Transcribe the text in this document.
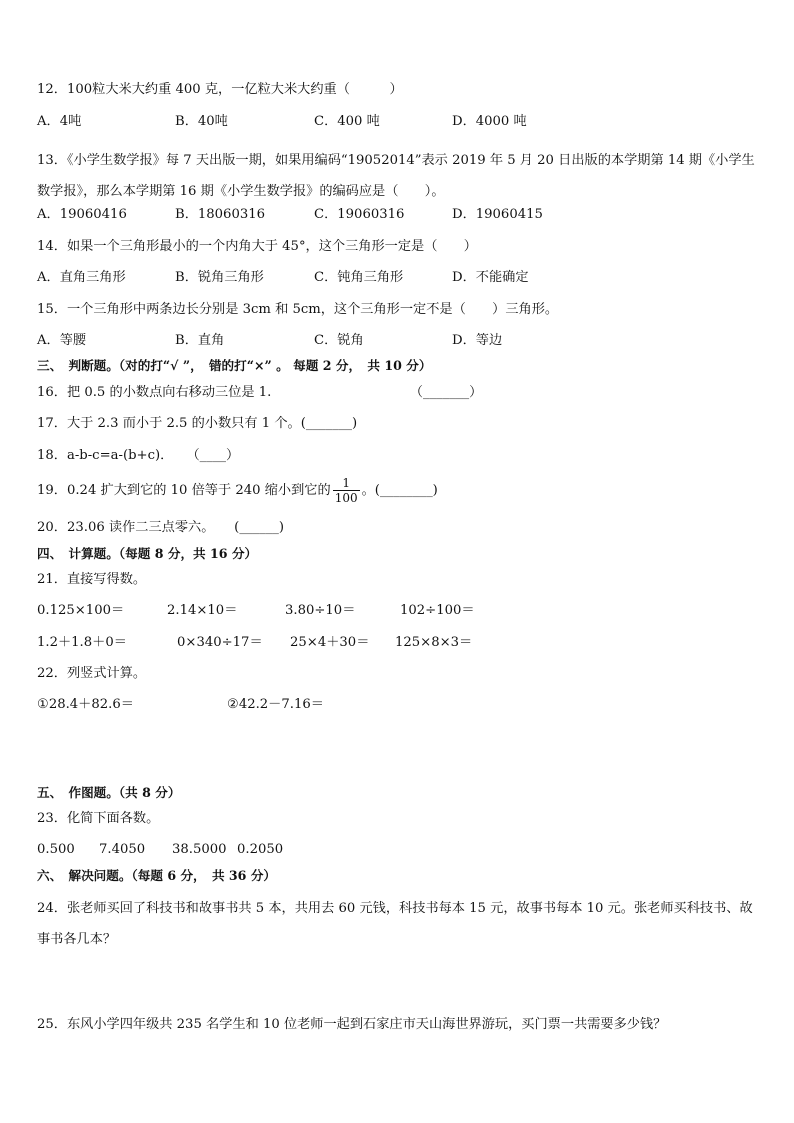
12．100粒大米大约重 400 克，一亿粒大米大约重（　　　）
A．4吨	B．40吨	C．400 吨	D．4000 吨
13．《小学生数学报》每 7 天出版一期，如果用编码“19052014”表示 2019 年 5 月 20 日出版的本学期第 14 期《小学生数学报》，那么本学期第 16 期《小学生数学报》的编码应是（　　）。
A．19060416	B．18060316	C．19060316	D．19060415
14．如果一个三角形最小的一个内角大于 45°，这个三角形一定是（　　）
A．直角三角形	B．锐角三角形	C．钝角三角形	D．不能确定
15．一个三角形中两条边长分别是 3cm 和 5cm，这个三角形一定不是（　　）三角形。
A．等腰	B．直角	C．锐角	D．等边
三、　判断题。（对的打“√ ”，　错的打“×” 。 每题 2 分，　共 10 分）
16．把 0.5 的小数点向右移动三位是 1.　　　　　　　　　　　（_______）
17．大于 2.3 而小于 2.5 的小数只有 1 个。(_______)
18．a-b-c=a-(b+c)．　　（____）
19．0.24 扩大到它的 10 倍等于 240 缩小到它的 $\frac{1}{100}$ 。(________)
20．23.06 读作二三点零六。　　(______)
四、　计算题。（每题 8 分，共 16 分）
21．直接写得数。
0.125×100＝	2.14×10＝	3.80÷10＝	102÷100＝
1.2＋1.8＋0＝	0×340÷17＝ 25×4＋30＝ 125×8×3＝
22．列竖式计算。
①28.4＋82.6＝	②42.2－7.16＝
五、　作图题。（共 8 分）
23．化简下面各数。
0.500 7.4050 38.5000 0.2050
六、　解决问题。（每题 6 分，　共 36 分）
24．张老师买回了科技书和故事书共 5 本，共用去 60 元钱，科技书每本 15 元，故事书每本 10 元。张老师买科技书、故事书各几本？
25．东风小学四年级共 235 名学生和 10 位老师一起到石家庄市天山海世界游玩，买门票一共需要多少钱？
